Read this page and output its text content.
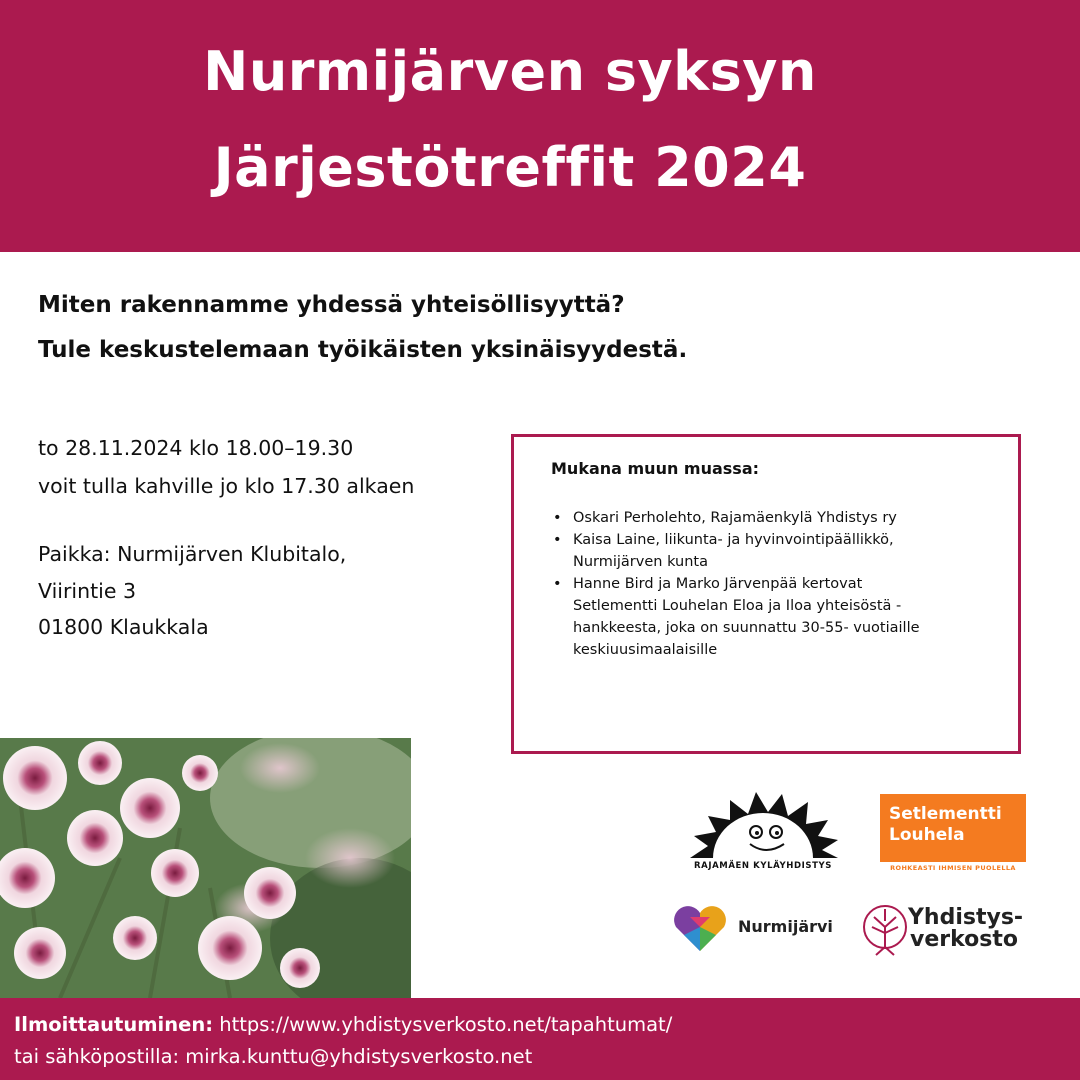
Nurmijärven syksyn
Järjestötreffit 2024
Miten rakennamme yhdessä yhteisöllisyyttä?
Tule keskustelemaan työikäisten yksinäisyydestä.
to 28.11.2024 klo 18.00–19.30
voit tulla kahville jo klo 17.30 alkaen
Paikka: Nurmijärven Klubitalo,
Viirintie 3
01800 Klaukkala
Mukana muun muassa:
• Oskari Perholehto, Rajamäenkylä Yhdistys ry
• Kaisa Laine, liikunta- ja hyvinvointipäällikkö,
Nurmijärven kunta
• Hanne Bird ja Marko Järvenpää kertovat
Setlementti Louhelan Eloa ja Iloa yhteisöstä -
hankkeesta, joka on suunnattu 30-55- vuotiaille
keskiuusimaalaisille
RAJAMÄEN KYLÄYHDISTYS
Setlementti
Louhela
ROHKEASTI IHMISEN PUOLELLA
Nurmijärvi	Yhdistys-
verkosto
Ilmoittautuminen: https://www.yhdistysverkosto.net/tapahtumat/
tai sähköpostilla: mirka.kunttu@yhdistysverkosto.net
